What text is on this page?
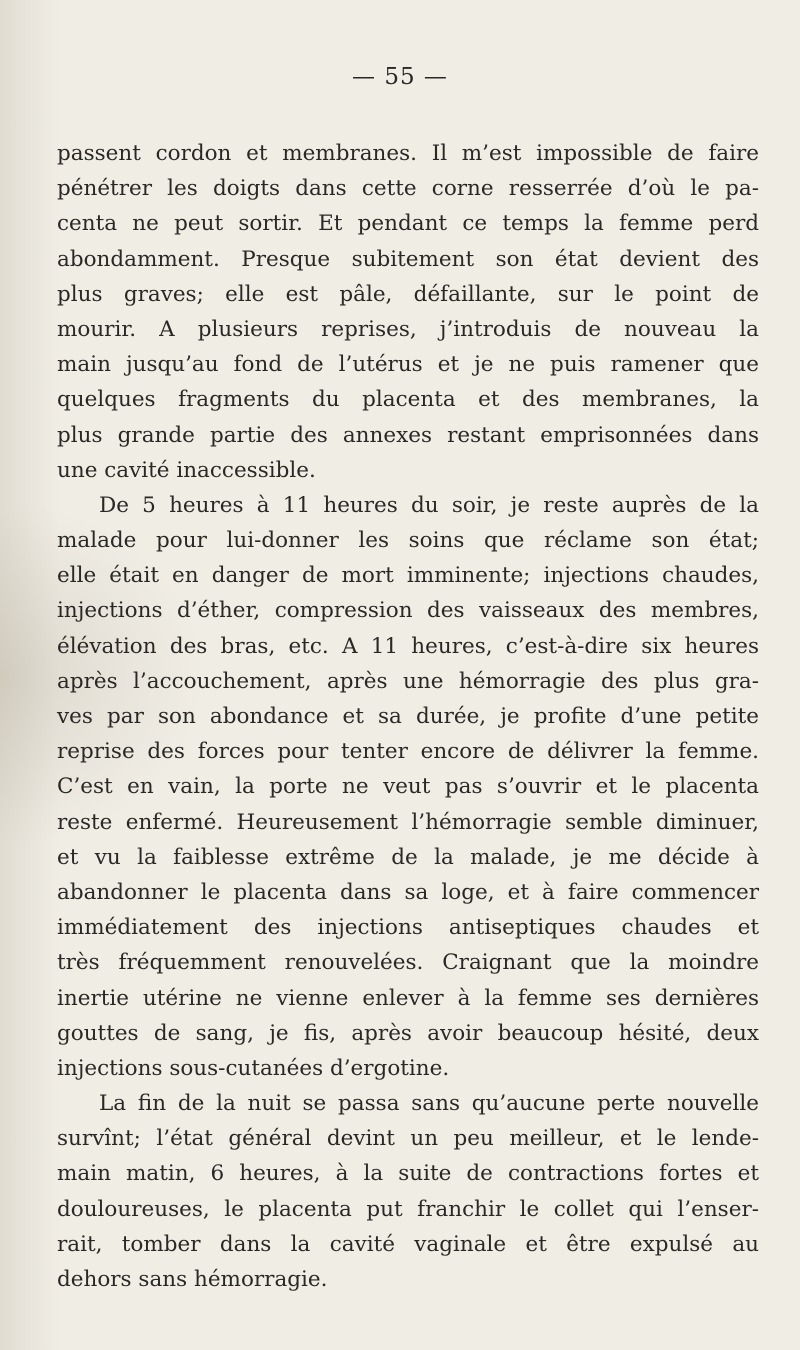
— 55 —
passent cordon et membranes. Il m’est impossible de faire
pénétrer les doigts dans cette corne resserrée d’où le pa-
centa ne peut sortir. Et pendant ce temps la femme perd
abondamment. Presque subitement son état devient des
plus graves; elle est pâle, défaillante, sur le point de
mourir. A plusieurs reprises, j’introduis de nouveau la
main jusqu’au fond de l’utérus et je ne puis ramener que
quelques fragments du placenta et des membranes, la
plus grande partie des annexes restant emprisonnées dans
une cavité inaccessible.
De 5 heures à 11 heures du soir, je reste auprès de la
malade pour lui-donner les soins que réclame son état;
elle était en danger de mort imminente; injections chaudes,
injections d’éther, compression des vaisseaux des membres,
élévation des bras, etc. A 11 heures, c’est-à-dire six heures
après l’accouchement, après une hémorragie des plus gra-
ves par son abondance et sa durée, je profite d’une petite
reprise des forces pour tenter encore de délivrer la femme.
C’est en vain, la porte ne veut pas s’ouvrir et le placenta
reste enfermé. Heureusement l’hémorragie semble diminuer,
et vu la faiblesse extrême de la malade, je me décide à
abandonner le placenta dans sa loge, et à faire commencer
immédiatement des injections antiseptiques chaudes et
très fréquemment renouvelées. Craignant que la moindre
inertie utérine ne vienne enlever à la femme ses dernières
gouttes de sang, je fis, après avoir beaucoup hésité, deux
injections sous-cutanées d’ergotine.
La fin de la nuit se passa sans qu’aucune perte nouvelle
survînt; l’état général devint un peu meilleur, et le lende-
main matin, 6 heures, à la suite de contractions fortes et
douloureuses, le placenta put franchir le collet qui l’enser-
rait, tomber dans la cavité vaginale et être expulsé au
dehors sans hémorragie.
